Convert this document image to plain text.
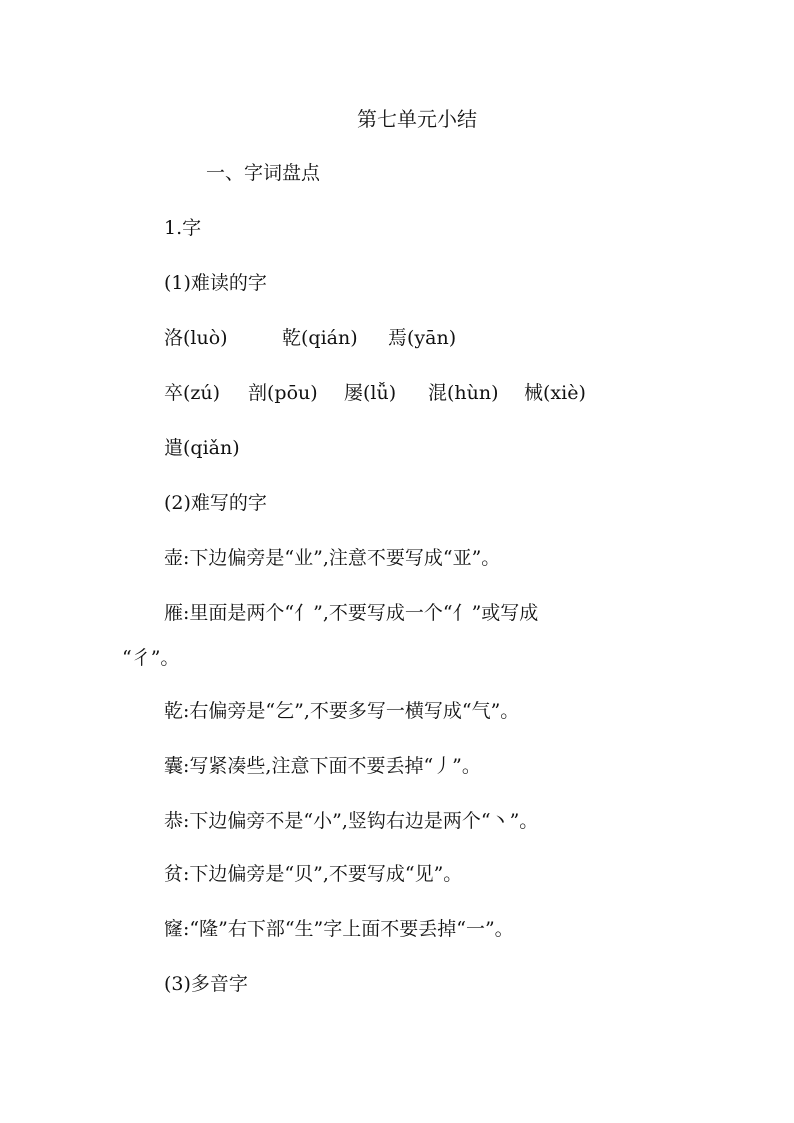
第七单元小结
一、字词盘点
1.字
(1)难读的字
洛(luò)	乾(qián) 焉(yān)
卒(zú) 剖(pōu) 屡(lǚ) 混(hùn) 械(xiè)
遣(qiǎn)
(2)难写的字
壶:下边偏旁是“业”,注意不要写成“亚”。
雁:里面是两个“亻”,不要写成一个“亻”或写成
“彳”。
乾:右偏旁是“乞”,不要多写一横写成“气”。
囊:写紧凑些,注意下面不要丢掉“丿”。
恭:下边偏旁不是“小”,竖钩右边是两个“丶”。
贫:下边偏旁是“贝”,不要写成“见”。
窿:“隆”右下部“生”字上面不要丢掉“一”。
(3)多音字
